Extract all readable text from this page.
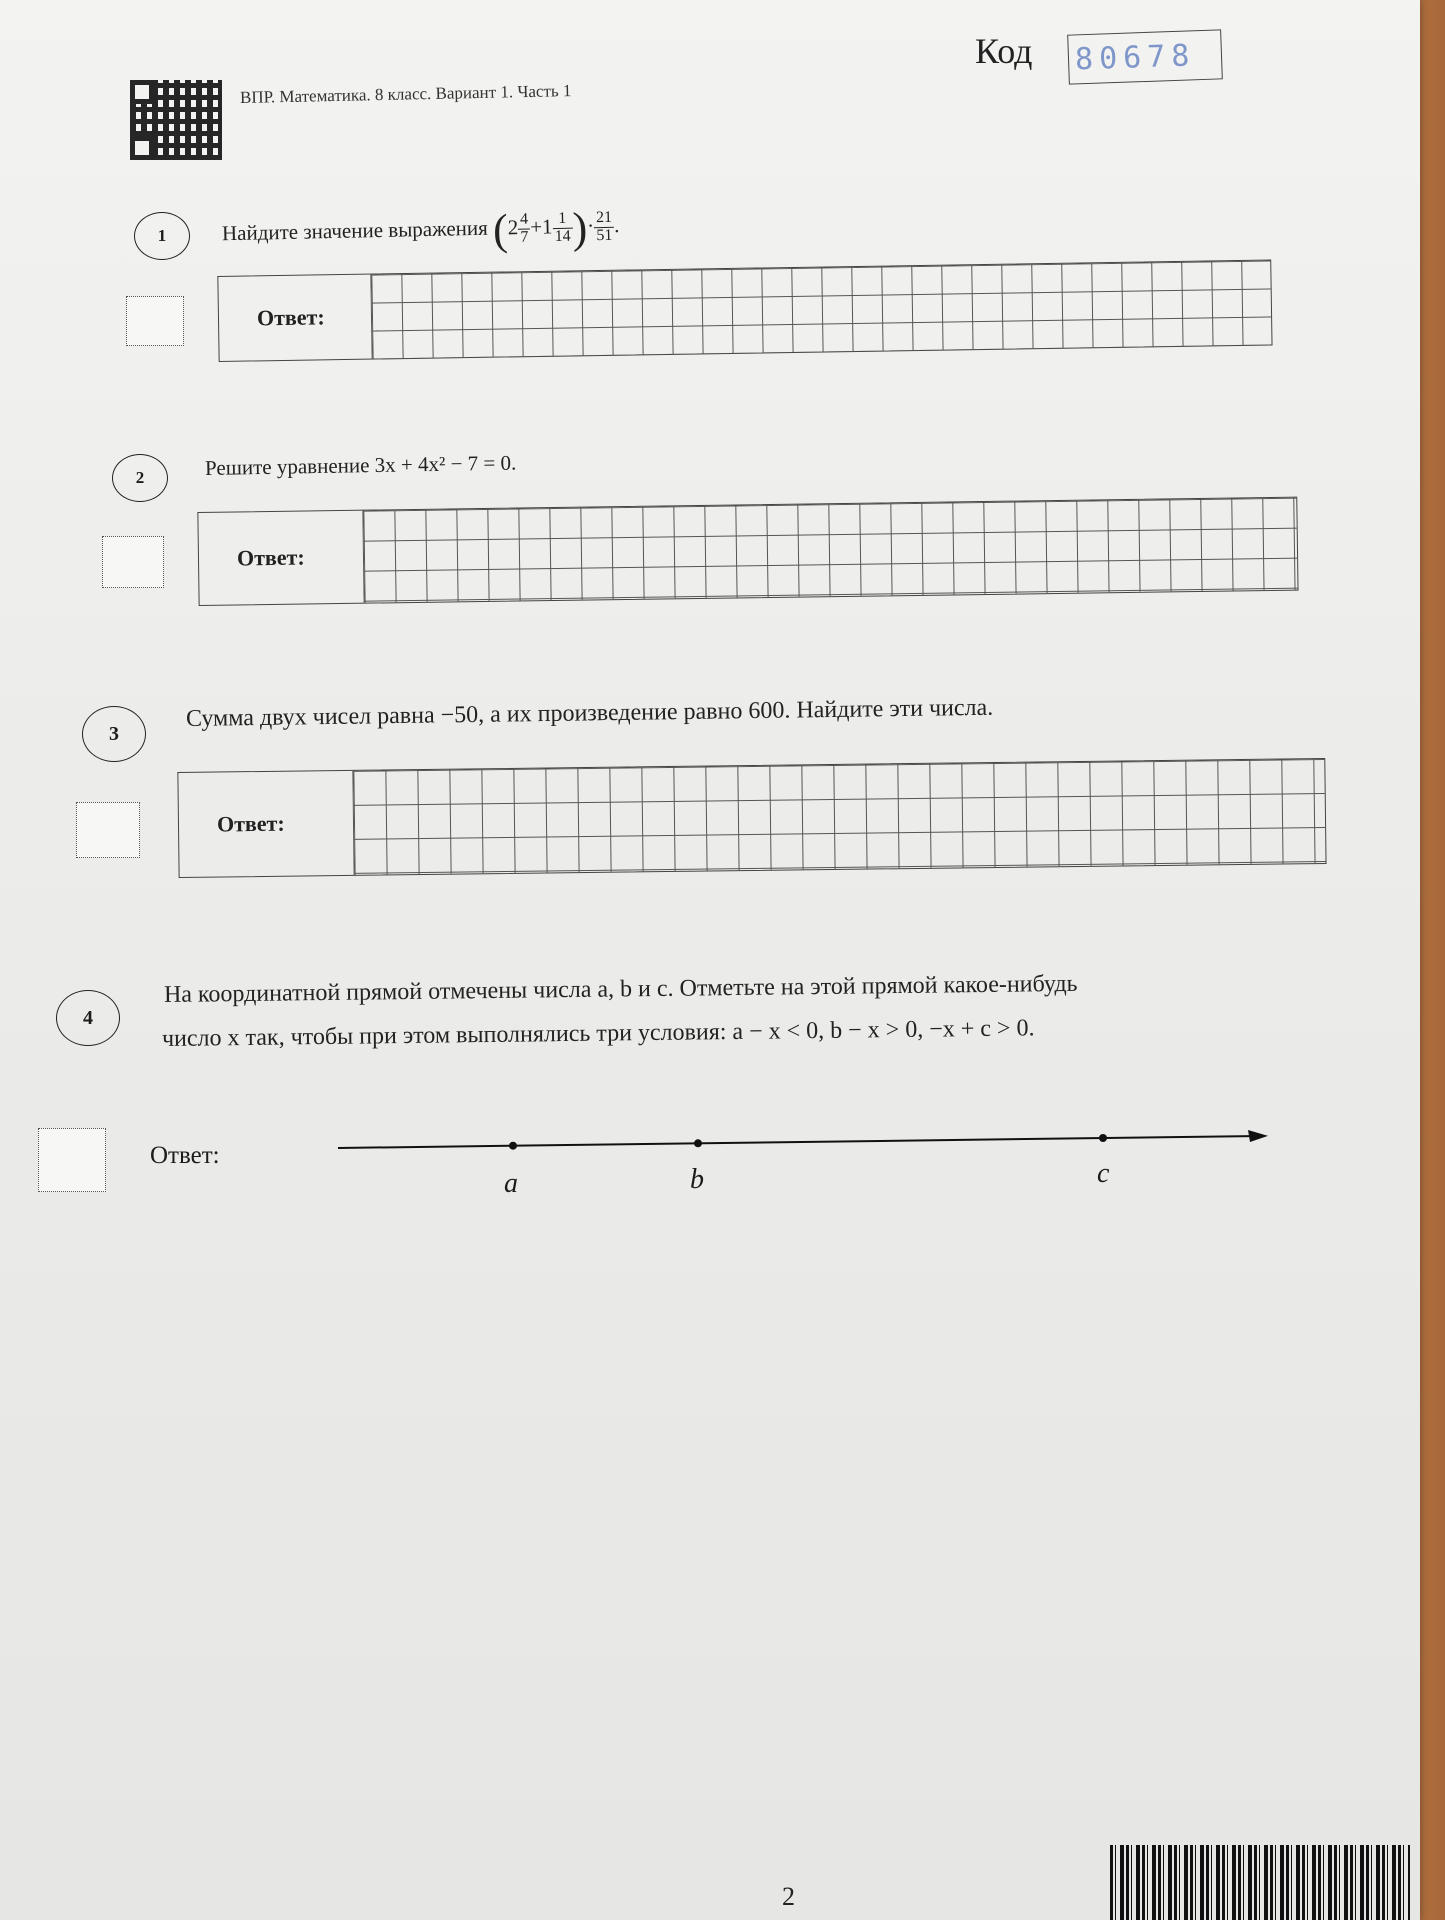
ВПР. Математика. 8 класс. Вариант 1. Часть 1
Код 80678
1	Найдите значение выражения ($2 \frac{4}{7} +1 \frac{1}{14}$ )· $\frac{21}{51}$ .
Ответ:
2	Решите уравнение 3x + 4x² − 7 = 0.
Ответ:
3
Сумма двух чисел равна −50, а их произведение равно 600. Найдите эти числа.
Ответ:
4
На координатной прямой отмечены числа a, b и c. Отметьте на этой прямой какое-нибудь
число x так, чтобы при этом выполнялись три условия: a − x < 0, b − x > 0, −x + c > 0.
Ответ:
a	b	c
2
